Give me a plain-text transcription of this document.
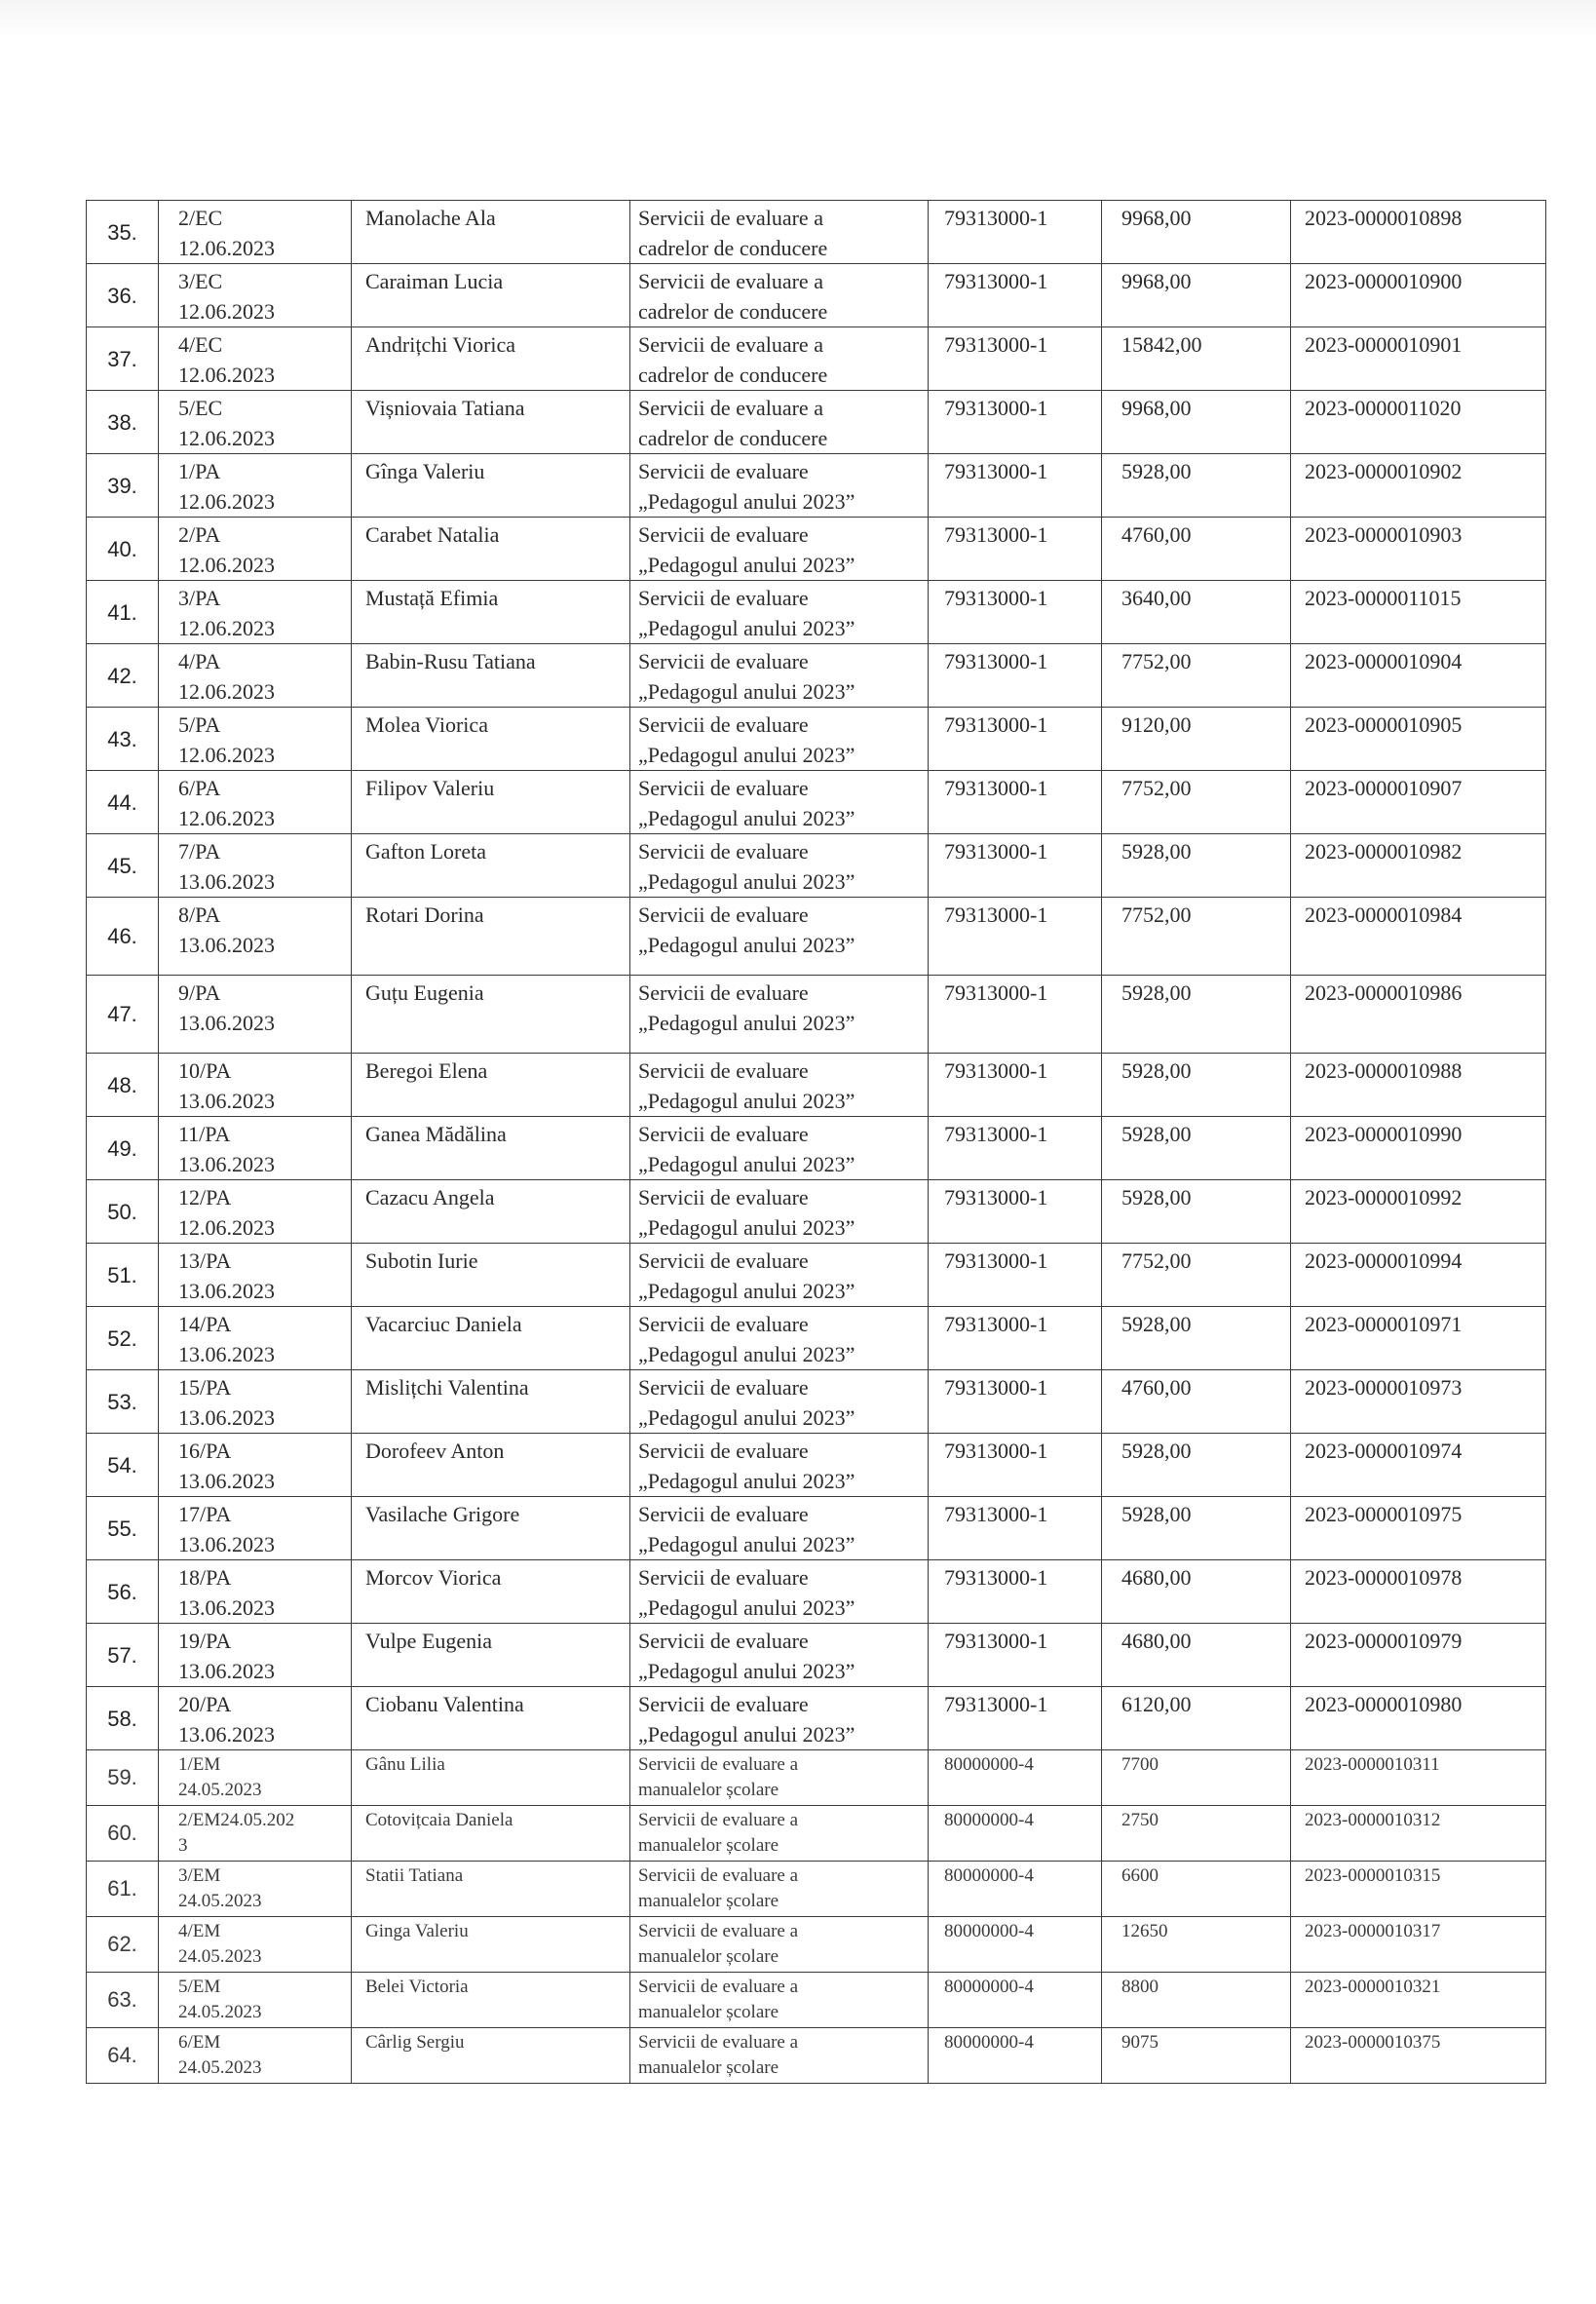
35.	2/EC
12.06.2023	Manolache Ala	Servicii de evaluare a
cadrelor de conducere	79313000-1	9968,00	2023-0000010898

36.	3/EC
12.06.2023	Caraiman Lucia	Servicii de evaluare a
cadrelor de conducere	79313000-1	9968,00	2023-0000010900

37.	4/EC
12.06.2023	Andrițchi Viorica	Servicii de evaluare a
cadrelor de conducere	79313000-1	15842,00	2023-0000010901

38.	5/EC
12.06.2023	Vișniovaia Tatiana	Servicii de evaluare a
cadrelor de conducere	79313000-1	9968,00	2023-0000011020

39.	1/PA
12.06.2023	Gînga Valeriu	Servicii de evaluare
„Pedagogul anului 2023”	79313000-1	5928,00	2023-0000010902

40.	2/PA
12.06.2023	Carabet Natalia	Servicii de evaluare
„Pedagogul anului 2023”	79313000-1	4760,00	2023-0000010903

41.	3/PA
12.06.2023	Mustață Efimia	Servicii de evaluare
„Pedagogul anului 2023”	79313000-1	3640,00	2023-0000011015

42.	4/PA
12.06.2023	Babin-Rusu Tatiana	Servicii de evaluare
„Pedagogul anului 2023”	79313000-1	7752,00	2023-0000010904

43.	5/PA
12.06.2023	Molea Viorica	Servicii de evaluare
„Pedagogul anului 2023”	79313000-1	9120,00	2023-0000010905

44.	6/PA
12.06.2023	Filipov Valeriu	Servicii de evaluare
„Pedagogul anului 2023”	79313000-1	7752,00	2023-0000010907

45.	7/PA
13.06.2023	Gafton Loreta	Servicii de evaluare
„Pedagogul anului 2023”	79313000-1	5928,00	2023-0000010982

46.	8/PA
13.06.2023	Rotari Dorina	Servicii de evaluare
„Pedagogul anului 2023”	79313000-1	7752,00	2023-0000010984

47.	9/PA
13.06.2023	Guțu Eugenia	Servicii de evaluare
„Pedagogul anului 2023”	79313000-1	5928,00	2023-0000010986

48.	10/PA
13.06.2023	Beregoi Elena	Servicii de evaluare
„Pedagogul anului 2023”	79313000-1	5928,00	2023-0000010988

49.	11/PA
13.06.2023	Ganea Mădălina	Servicii de evaluare
„Pedagogul anului 2023”	79313000-1	5928,00	2023-0000010990

50.	12/PA
12.06.2023	Cazacu Angela	Servicii de evaluare
„Pedagogul anului 2023”	79313000-1	5928,00	2023-0000010992

51.	13/PA
13.06.2023	Subotin Iurie	Servicii de evaluare
„Pedagogul anului 2023”	79313000-1	7752,00	2023-0000010994

52.	14/PA
13.06.2023	Vacarciuc Daniela	Servicii de evaluare
„Pedagogul anului 2023”	79313000-1	5928,00	2023-0000010971

53.	15/PA
13.06.2023	Mislițchi Valentina	Servicii de evaluare
„Pedagogul anului 2023”	79313000-1	4760,00	2023-0000010973

54.	16/PA
13.06.2023	Dorofeev Anton	Servicii de evaluare
„Pedagogul anului 2023”	79313000-1	5928,00	2023-0000010974

55.	17/PA
13.06.2023	Vasilache Grigore	Servicii de evaluare
„Pedagogul anului 2023”	79313000-1	5928,00	2023-0000010975

56.	18/PA
13.06.2023	Morcov Viorica	Servicii de evaluare
„Pedagogul anului 2023”	79313000-1	4680,00	2023-0000010978

57.	19/PA
13.06.2023	Vulpe Eugenia	Servicii de evaluare
„Pedagogul anului 2023”	79313000-1	4680,00	2023-0000010979

58.	20/PA
13.06.2023	Ciobanu Valentina	Servicii de evaluare
„Pedagogul anului 2023”	79313000-1	6120,00	2023-0000010980

59.	1/EM
24.05.2023	Gânu Lilia	Servicii de evaluare a
manualelor școlare	80000000-4	7700	2023-0000010311

60.	2/EM24.05.202
3	Cotovițcaia Daniela	Servicii de evaluare a
manualelor școlare	80000000-4	2750	2023-0000010312

61.	3/EM
24.05.2023	Statii Tatiana	Servicii de evaluare a
manualelor școlare	80000000-4	6600	2023-0000010315

62.	4/EM
24.05.2023	Ginga Valeriu	Servicii de evaluare a
manualelor școlare	80000000-4	12650	2023-0000010317

63.	5/EM
24.05.2023	Belei Victoria	Servicii de evaluare a
manualelor școlare	80000000-4	8800	2023-0000010321

64.	6/EM
24.05.2023	Cârlig Sergiu	Servicii de evaluare a
manualelor școlare	80000000-4	9075	2023-0000010375
